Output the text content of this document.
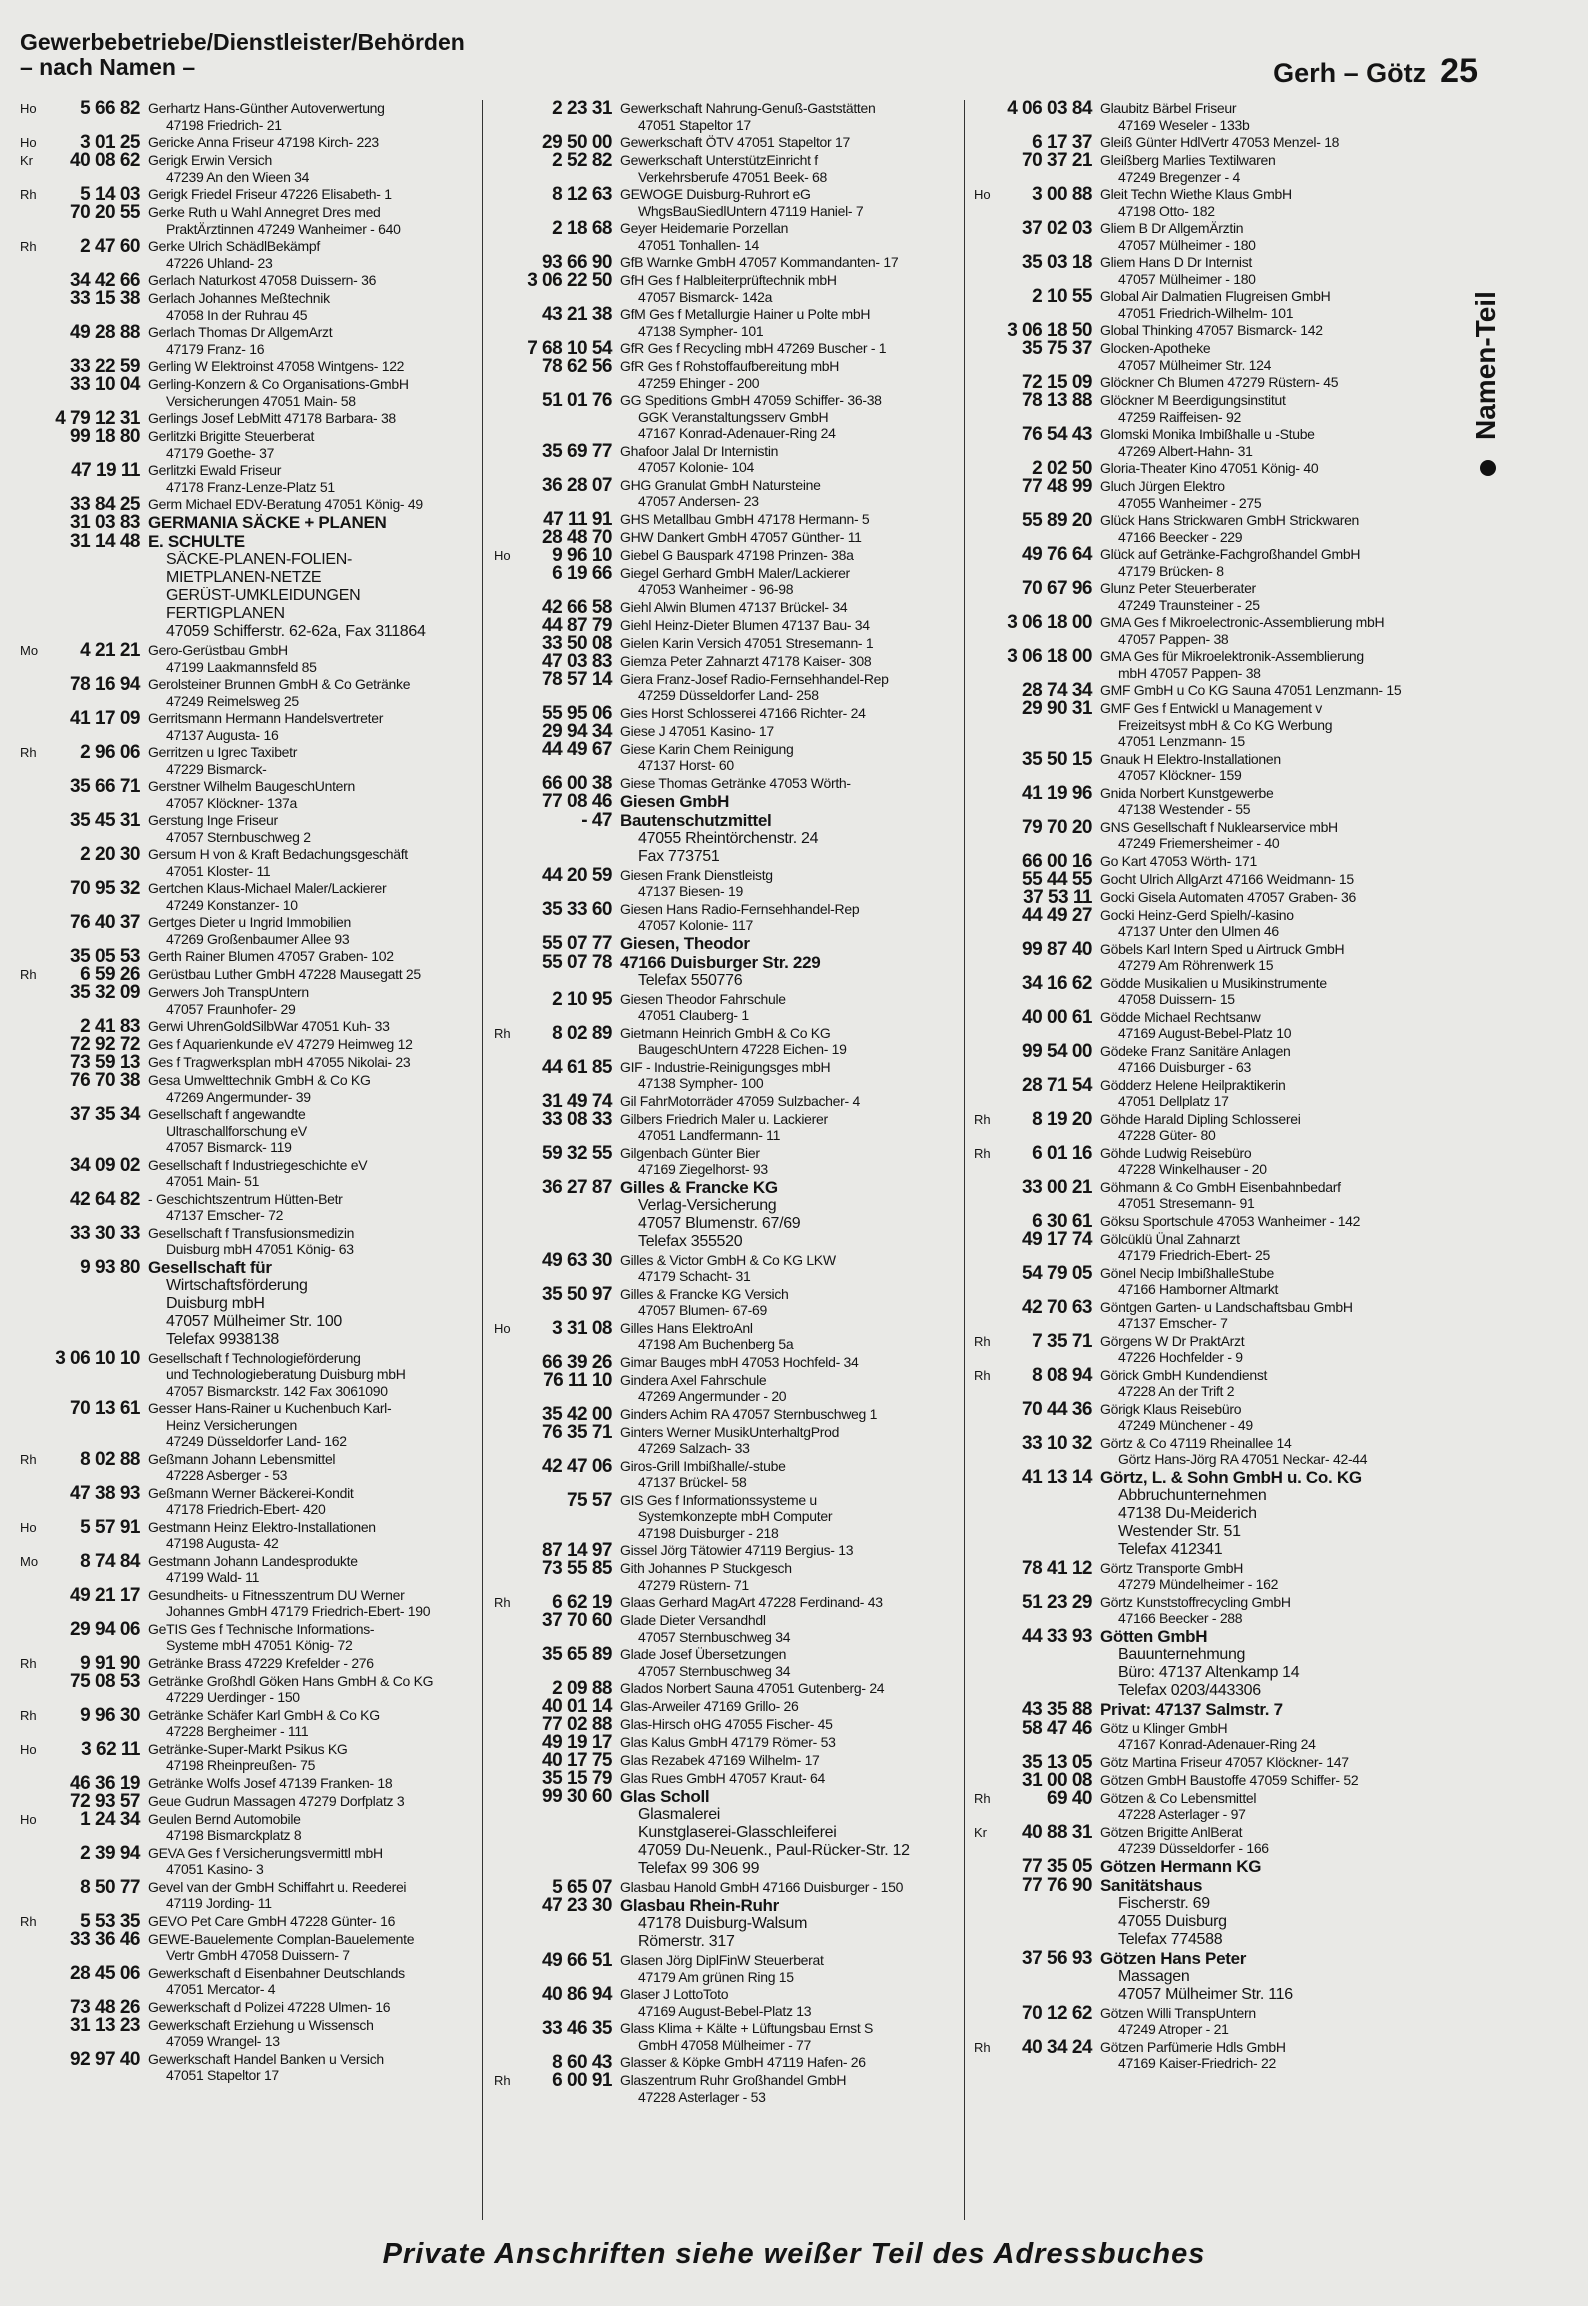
Gewerbebetriebe/Dienstleister/Behörden
– nach Namen –	Gerh – Götz 25
Namen-Teil
Ho	5 66 82 Gerhartz Hans-Günther Autoverwertung
47198 Friedrich- 21
Ho	3 01 25 Gericke Anna Friseur 47198 Kirch- 223
Kr	40 08 62 Gerigk Erwin Versich
47239 An den Wieen 34
Rh	5 14 03 Gerigk Friedel Friseur 47226 Elisabeth- 1
70 20 55 Gerke Ruth u Wahl Annegret Dres med
PraktÄrztinnen 47249 Wanheimer - 640
Rh	2 47 60 Gerke Ulrich SchädlBekämpf
47226 Uhland- 23
34 42 66 Gerlach Naturkost 47058 Duissern- 36
33 15 38 Gerlach Johannes Meßtechnik
47058 In der Ruhrau 45
49 28 88 Gerlach Thomas Dr AllgemArzt
47179 Franz- 16
33 22 59 Gerling W Elektroinst 47058 Wintgens- 122
33 10 04 Gerling-Konzern & Co Organisations-GmbH
Versicherungen 47051 Main- 58
4 79 12 31 Gerlings Josef LebMitt 47178 Barbara- 38
99 18 80 Gerlitzki Brigitte Steuerberat
47179 Goethe- 37
47 19 11 Gerlitzki Ewald Friseur
47178 Franz-Lenze-Platz 51
33 84 25 Germ Michael EDV-Beratung 47051 König- 49
31 03 83 GERMANIA SÄCKE + PLANEN
31 14 48 E. SCHULTE
SÄCKE-PLANEN-FOLIEN-
MIETPLANEN-NETZE
GERÜST-UMKLEIDUNGEN
FERTIGPLANEN
47059 Schifferstr. 62-62a, Fax 311864
Mo	4 21 21 Gero-Gerüstbau GmbH
47199 Laakmannsfeld 85
78 16 94 Gerolsteiner Brunnen GmbH & Co Getränke
47249 Reimelsweg 25
41 17 09 Gerritsmann Hermann Handelsvertreter
47137 Augusta- 16
Rh	2 96 06 Gerritzen u Igrec Taxibetr
47229 Bismarck-
35 66 71 Gerstner Wilhelm BaugeschUntern
47057 Klöckner- 137a
35 45 31 Gerstung Inge Friseur
47057 Sternbuschweg 2
2 20 30 Gersum H von & Kraft Bedachungsgeschäft
47051 Kloster- 11
70 95 32 Gertchen Klaus-Michael Maler/Lackierer
47249 Konstanzer- 10
76 40 37 Gertges Dieter u Ingrid Immobilien
47269 Großenbaumer Allee 93
35 05 53 Gerth Rainer Blumen 47057 Graben- 102
Rh	6 59 26 Gerüstbau Luther GmbH 47228 Mausegatt 25
35 32 09 Gerwers Joh TranspUntern
47057 Fraunhofer- 29
2 41 83 Gerwi UhrenGoldSilbWar 47051 Kuh- 33
72 92 72 Ges f Aquarienkunde eV 47279 Heimweg 12
73 59 13 Ges f Tragwerksplan mbH 47055 Nikolai- 23
76 70 38 Gesa Umwelttechnik GmbH & Co KG
47269 Angermunder- 39
37 35 34 Gesellschaft f angewandte
Ultraschallforschung eV
47057 Bismarck- 119
34 09 02 Gesellschaft f Industriegeschichte eV
47051 Main- 51
42 64 82 - Geschichtszentrum Hütten-Betr
47137 Emscher- 72
33 30 33 Gesellschaft f Transfusionsmedizin
Duisburg mbH 47051 König- 63
9 93 80 Gesellschaft für
Wirtschaftsförderung
Duisburg mbH
47057 Mülheimer Str. 100
Telefax 9938138
3 06 10 10 Gesellschaft f Technologieförderung
und Technologieberatung Duisburg mbH
47057 Bismarckstr. 142 Fax 3061090
70 13 61 Gesser Hans-Rainer u Kuchenbuch Karl-
Heinz Versicherungen
47249 Düsseldorfer Land- 162
Rh	8 02 88 Geßmann Johann Lebensmittel
47228 Asberger - 53
47 38 93 Geßmann Werner Bäckerei-Kondit
47178 Friedrich-Ebert- 420
Ho	5 57 91 Gestmann Heinz Elektro-Installationen
47198 Augusta- 42
Mo	8 74 84 Gestmann Johann Landesprodukte
47199 Wald- 11
49 21 17 Gesundheits- u Fitnesszentrum DU Werner
Johannes GmbH 47179 Friedrich-Ebert- 190
29 94 06 GeTIS Ges f Technische Informations-
Systeme mbH 47051 König- 72
Rh	9 91 90 Getränke Brass 47229 Krefelder - 276
75 08 53 Getränke Großhdl Göken Hans GmbH & Co KG
47229 Uerdinger - 150
Rh	9 96 30 Getränke Schäfer Karl GmbH & Co KG
47228 Bergheimer - 111
Ho	3 62 11 Getränke-Super-Markt Psikus KG
47198 Rheinpreußen- 75
46 36 19 Getränke Wolfs Josef 47139 Franken- 18
72 93 57 Geue Gudrun Massagen 47279 Dorfplatz 3
Ho	1 24 34 Geulen Bernd Automobile
47198 Bismarckplatz 8
2 39 94 GEVA Ges f Versicherungsvermittl mbH
47051 Kasino- 3
8 50 77 Gevel van der GmbH Schiffahrt u. Reederei
47119 Jording- 11
Rh	5 53 35 GEVO Pet Care GmbH 47228 Günter- 16
33 36 46 GEWE-Bauelemente Complan-Bauelemente
Vertr GmbH 47058 Duissern- 7
28 45 06 Gewerkschaft d Eisenbahner Deutschlands
47051 Mercator- 4
73 48 26 Gewerkschaft d Polizei 47228 Ulmen- 16
31 13 23 Gewerkschaft Erziehung u Wissensch
47059 Wrangel- 13
92 97 40 Gewerkschaft Handel Banken u Versich
47051 Stapeltor 17
2 23 31 Gewerkschaft Nahrung-Genuß-Gaststätten
47051 Stapeltor 17
29 50 00 Gewerkschaft ÖTV 47051 Stapeltor 17
2 52 82 Gewerkschaft UnterstützEinricht f
Verkehrsberufe 47051 Beek- 68
8 12 63 GEWOGE Duisburg-Ruhrort eG
WhgsBauSiedlUntern 47119 Haniel- 7
2 18 68 Geyer Heidemarie Porzellan
47051 Tonhallen- 14
93 66 90 GfB Warnke GmbH 47057 Kommandanten- 17
3 06 22 50 GfH Ges f Halbleiterprüftechnik mbH
47057 Bismarck- 142a
43 21 38 GfM Ges f Metallurgie Hainer u Polte mbH
47138 Sympher- 101
7 68 10 54 GfR Ges f Recycling mbH 47269 Buscher - 1
78 62 56 GfR Ges f Rohstoffaufbereitung mbH
47259 Ehinger - 200
51 01 76 GG Speditions GmbH 47059 Schiffer- 36-38
GGK Veranstaltungsserv GmbH
47167 Konrad-Adenauer-Ring 24
35 69 77 Ghafoor Jalal Dr Internistin
47057 Kolonie- 104
36 28 07 GHG Granulat GmbH Natursteine
47057 Andersen- 23
47 11 91 GHS Metallbau GmbH 47178 Hermann- 5
28 48 70 GHW Dankert GmbH 47057 Günther- 11
Ho	9 96 10 Giebel G Bauspark 47198 Prinzen- 38a
6 19 66 Giegel Gerhard GmbH Maler/Lackierer
47053 Wanheimer - 96-98
42 66 58 Giehl Alwin Blumen 47137 Brückel- 34
44 87 79 Giehl Heinz-Dieter Blumen 47137 Bau- 34
33 50 08 Gielen Karin Versich 47051 Stresemann- 1
47 03 83 Giemza Peter Zahnarzt 47178 Kaiser- 308
78 57 14 Giera Franz-Josef Radio-Fernsehhandel-Rep
47259 Düsseldorfer Land- 258
55 95 06 Gies Horst Schlosserei 47166 Richter- 24
29 94 34 Giese J 47051 Kasino- 17
44 49 67 Giese Karin Chem Reinigung
47137 Horst- 60
66 00 38 Giese Thomas Getränke 47053 Wörth-
77 08 46 Giesen GmbH
- 47 Bautenschutzmittel
47055 Rheintörchenstr. 24
Fax 773751
44 20 59 Giesen Frank Dienstleistg
47137 Biesen- 19
35 33 60 Giesen Hans Radio-Fernsehhandel-Rep
47057 Kolonie- 117
55 07 77 Giesen, Theodor
55 07 78 47166 Duisburger Str. 229
Telefax 550776
2 10 95 Giesen Theodor Fahrschule
47051 Clauberg- 1
Rh	8 02 89 Gietmann Heinrich GmbH & Co KG
BaugeschUntern 47228 Eichen- 19
44 61 85 GIF - Industrie-Reinigungsges mbH
47138 Sympher- 100
31 49 74 Gil FahrMotorräder 47059 Sulzbacher- 4
33 08 33 Gilbers Friedrich Maler u. Lackierer
47051 Landfermann- 11
59 32 55 Gilgenbach Günter Bier
47169 Ziegelhorst- 93
36 27 87 Gilles & Francke KG
Verlag-Versicherung
47057 Blumenstr. 67/69
Telefax 355520
49 63 30 Gilles & Victor GmbH & Co KG LKW
47179 Schacht- 31
35 50 97 Gilles & Francke KG Versich
47057 Blumen- 67-69
Ho	3 31 08 Gilles Hans ElektroAnl
47198 Am Buchenberg 5a
66 39 26 Gimar Bauges mbH 47053 Hochfeld- 34
76 11 10 Gindera Axel Fahrschule
47269 Angermunder - 20
35 42 00 Ginders Achim RA 47057 Sternbuschweg 1
76 35 71 Ginters Werner MusikUnterhaltgProd
47269 Salzach- 33
42 47 06 Giros-Grill Imbißhalle/-stube
47137 Brückel- 58
75 57 GIS Ges f Informationssysteme u
Systemkonzepte mbH Computer
47198 Duisburger - 218
87 14 97 Gissel Jörg Tätowier 47119 Bergius- 13
73 55 85 Gith Johannes P Stuckgesch
47279 Rüstern- 71
Rh	6 62 19 Glaas Gerhard MagArt 47228 Ferdinand- 43
37 70 60 Glade Dieter Versandhdl
47057 Sternbuschweg 34
35 65 89 Glade Josef Übersetzungen
47057 Sternbuschweg 34
2 09 88 Glados Norbert Sauna 47051 Gutenberg- 24
40 01 14 Glas-Arweiler 47169 Grillo- 26
77 02 88 Glas-Hirsch oHG 47055 Fischer- 45
49 19 17 Glas Kalus GmbH 47179 Römer- 53
40 17 75 Glas Rezabek 47169 Wilhelm- 17
35 15 79 Glas Rues GmbH 47057 Kraut- 64
99 30 60 Glas Scholl
Glasmalerei
Kunstglaserei-Glasschleiferei
47059 Du-Neuenk., Paul-Rücker-Str. 12
Telefax 99 306 99
5 65 07 Glasbau Hanold GmbH 47166 Duisburger - 150
47 23 30 Glasbau Rhein-Ruhr
47178 Duisburg-Walsum
Römerstr. 317
49 66 51 Glasen Jörg DiplFinW Steuerberat
47179 Am grünen Ring 15
40 86 94 Glaser J LottoToto
47169 August-Bebel-Platz 13
33 46 35 Glass Klima + Kälte + Lüftungsbau Ernst S
GmbH 47058 Mülheimer - 77
8 60 43 Glasser & Köpke GmbH 47119 Hafen- 26
Rh	6 00 91 Glaszentrum Ruhr Großhandel GmbH
47228 Asterlager - 53
4 06 03 84 Glaubitz Bärbel Friseur
47169 Weseler - 133b
6 17 37 Gleiß Günter HdlVertr 47053 Menzel- 18
70 37 21 Gleißberg Marlies Textilwaren
47249 Bregenzer - 4
Ho	3 00 88 Gleit Techn Wiethe Klaus GmbH
47198 Otto- 182
37 02 03 Gliem B Dr AllgemÄrztin
47057 Mülheimer - 180
35 03 18 Gliem Hans D Dr Internist
47057 Mülheimer - 180
2 10 55 Global Air Dalmatien Flugreisen GmbH
47051 Friedrich-Wilhelm- 101
3 06 18 50 Global Thinking 47057 Bismarck- 142
35 75 37 Glocken-Apotheke
47057 Mülheimer Str. 124
72 15 09 Glöckner Ch Blumen 47279 Rüstern- 45
78 13 88 Glöckner M Beerdigungsinstitut
47259 Raiffeisen- 92
76 54 43 Glomski Monika Imbißhalle u -Stube
47269 Albert-Hahn- 31
2 02 50 Gloria-Theater Kino 47051 König- 40
77 48 99 Gluch Jürgen Elektro
47055 Wanheimer - 275
55 89 20 Glück Hans Strickwaren GmbH Strickwaren
47166 Beecker - 229
49 76 64 Glück auf Getränke-Fachgroßhandel GmbH
47179 Brücken- 8
70 67 96 Glunz Peter Steuerberater
47249 Traunsteiner - 25
3 06 18 00 GMA Ges f Mikroelectronic-Assemblierung mbH
47057 Pappen- 38
3 06 18 00 GMA Ges für Mikroelektronik-Assemblierung
mbH 47057 Pappen- 38
28 74 34 GMF GmbH u Co KG Sauna 47051 Lenzmann- 15
29 90 31 GMF Ges f Entwickl u Management v
Freizeitsyst mbH & Co KG Werbung
47051 Lenzmann- 15
35 50 15 Gnauk H Elektro-Installationen
47057 Klöckner- 159
41 19 96 Gnida Norbert Kunstgewerbe
47138 Westender - 55
79 70 20 GNS Gesellschaft f Nuklearservice mbH
47249 Friemersheimer - 40
66 00 16 Go Kart 47053 Wörth- 171
55 44 55 Gocht Ulrich AllgArzt 47166 Weidmann- 15
37 53 11 Gocki Gisela Automaten 47057 Graben- 36
44 49 27 Gocki Heinz-Gerd Spielh/-kasino
47137 Unter den Ulmen 46
99 87 40 Göbels Karl Intern Sped u Airtruck GmbH
47279 Am Röhrenwerk 15
34 16 62 Gödde Musikalien u Musikinstrumente
47058 Duissern- 15
40 00 61 Gödde Michael Rechtsanw
47169 August-Bebel-Platz 10
99 54 00 Gödeke Franz Sanitäre Anlagen
47166 Duisburger - 63
28 71 54 Gödderz Helene Heilpraktikerin
47051 Dellplatz 17
Rh	8 19 20 Göhde Harald Dipling Schlosserei
47228 Güter- 80
Rh	6 01 16 Göhde Ludwig Reisebüro
47228 Winkelhauser - 20
33 00 21 Göhmann & Co GmbH Eisenbahnbedarf
47051 Stresemann- 91
6 30 61 Göksu Sportschule 47053 Wanheimer - 142
49 17 74 Gölcüklü Ünal Zahnarzt
47179 Friedrich-Ebert- 25
54 79 05 Gönel Necip ImbißhalleStube
47166 Hamborner Altmarkt
42 70 63 Göntgen Garten- u Landschaftsbau GmbH
47137 Emscher- 7
Rh	7 35 71 Görgens W Dr PraktArzt
47226 Hochfelder - 9
Rh	8 08 94 Görick GmbH Kundendienst
47228 An der Trift 2
70 44 36 Görigk Klaus Reisebüro
47249 Münchener - 49
33 10 32 Görtz & Co 47119 Rheinallee 14
Görtz Hans-Jörg RA 47051 Neckar- 42-44
41 13 14 Görtz, L. & Sohn GmbH u. Co. KG
Abbruchunternehmen
47138 Du-Meiderich
Westender Str. 51
Telefax 412341
78 41 12 Görtz Transporte GmbH
47279 Mündelheimer - 162
51 23 29 Görtz Kunststoffrecycling GmbH
47166 Beecker - 288
44 33 93 Götten GmbH
Bauunternehmung
Büro: 47137 Altenkamp 14
Telefax 0203/443306
43 35 88 Privat: 47137 Salmstr. 7
58 47 46 Götz u Klinger GmbH
47167 Konrad-Adenauer-Ring 24
35 13 05 Götz Martina Friseur 47057 Klöckner- 147
31 00 08 Götzen GmbH Baustoffe 47059 Schiffer- 52
Rh	69 40 Götzen & Co Lebensmittel
47228 Asterlager - 97
Kr	40 88 31 Götzen Brigitte AnlBerat
47239 Düsseldorfer - 166
77 35 05 Götzen Hermann KG
77 76 90 Sanitätshaus
Fischerstr. 69
47055 Duisburg
Telefax 774588
37 56 93 Götzen Hans Peter
Massagen
47057 Mülheimer Str. 116
70 12 62 Götzen Willi TranspUntern
47249 Atroper - 21
Rh	40 34 24 Götzen Parfümerie Hdls GmbH
47169 Kaiser-Friedrich- 22
Private Anschriften siehe weißer Teil des Adressbuches
